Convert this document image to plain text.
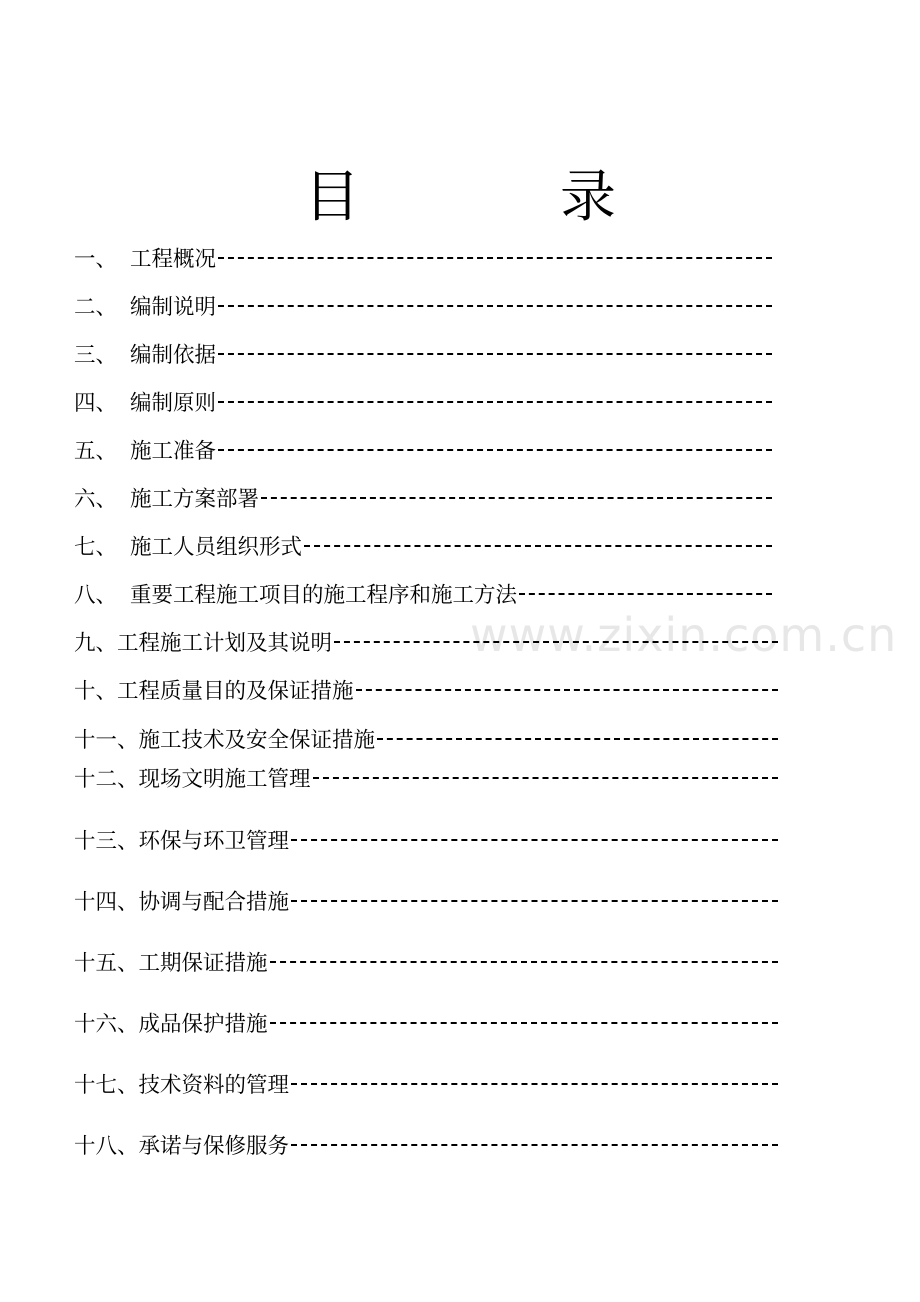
目　录
www.zixin.com.cn
一、 工程概况
二、 编制说明
三、 编制依据
四、 编制原则
五、 施工准备
六、 施工方案部署
七、 施工人员组织形式
八、 重要工程施工项目的施工程序和施工方法
九、 工程施工计划及其说明
十、 工程质量目的及保证措施
十一、 施工技术及安全保证措施
十二、 现场文明施工管理
十三、 环保与环卫管理
十四、 协调与配合措施
十五、 工期保证措施
十六、 成品保护措施
十七、 技术资料的管理
十八、 承诺与保修服务
